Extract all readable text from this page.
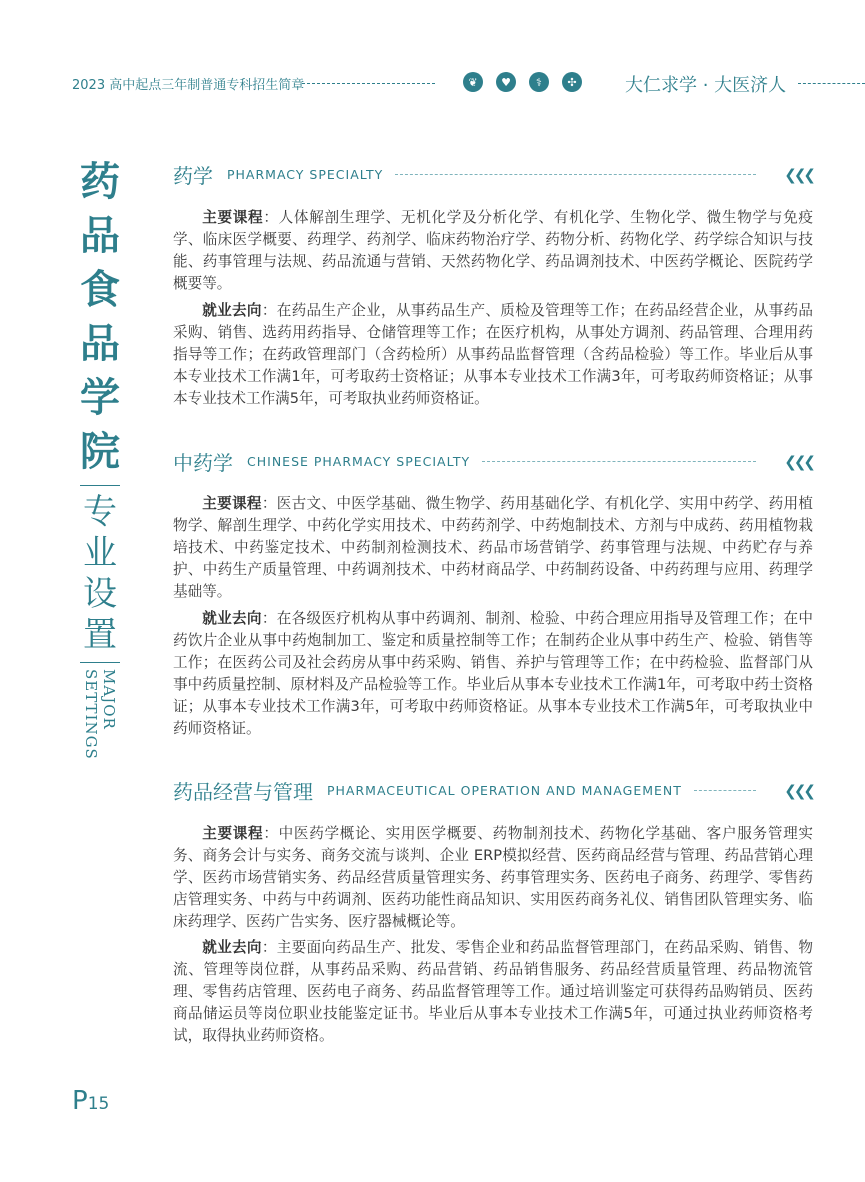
2023 高中起点三年制普通专科招生简章	❦	♥	⚕	✣	大仁求学 · 大医济人
药
品
食
品
学
院
专
业
设
置
MAJOR
SETTINGS
药学 PHARMACY SPECIALTY	❮❮❮

主要课程：人体解剖生理学、无机化学及分析化学、有机化学、生物化学、微生物学与免疫学、临床医学概要、药理学、药剂学、临床药物治疗学、药物分析、药物化学、药学综合知识与技能、药事管理与法规、药品流通与营销、天然药物化学、药品调剂技术、中医药学概论、医院药学概要等。

就业去向：在药品生产企业，从事药品生产、质检及管理等工作；在药品经营企业，从事药品采购、销售、选药用药指导、仓储管理等工作；在医疗机构，从事处方调剂、药品管理、合理用药指导等工作；在药政管理部门（含药检所）从事药品监督管理（含药品检验）等工作。毕业后从事本专业技术工作满1年，可考取药士资格证；从事本专业技术工作满3年，可考取药师资格证；从事本专业技术工作满5年，可考取执业药师资格证。

中药学 CHINESE PHARMACY SPECIALTY	❮❮❮

主要课程：医古文、中医学基础、微生物学、药用基础化学、有机化学、实用中药学、药用植物学、解剖生理学、中药化学实用技术、中药药剂学、中药炮制技术、方剂与中成药、药用植物栽培技术、中药鉴定技术、中药制剂检测技术、药品市场营销学、药事管理与法规、中药贮存与养护、中药生产质量管理、中药调剂技术、中药材商品学、中药制药设备、中药药理与应用、药理学基础等。

就业去向：在各级医疗机构从事中药调剂、制剂、检验、中药合理应用指导及管理工作；在中药饮片企业从事中药炮制加工、鉴定和质量控制等工作；在制药企业从事中药生产、检验、销售等工作；在医药公司及社会药房从事中药采购、销售、养护与管理等工作；在中药检验、监督部门从事中药质量控制、原材料及产品检验等工作。毕业后从事本专业技术工作满1年，可考取中药士资格证；从事本专业技术工作满3年，可考取中药师资格证。从事本专业技术工作满5年，可考取执业中药师资格证。

药品经营与管理 PHARMACEUTICAL OPERATION AND MANAGEMENT	❮❮❮

主要课程：中医药学概论、实用医学概要、药物制剂技术、药物化学基础、客户服务管理实务、商务会计与实务、商务交流与谈判、企业 ERP模拟经营、医药商品经营与管理、药品营销心理学、医药市场营销实务、药品经营质量管理实务、药事管理实务、医药电子商务、药理学、零售药店管理实务、中药与中药调剂、医药功能性商品知识、实用医药商务礼仪、销售团队管理实务、临床药理学、医药广告实务、医疗器械概论等。

就业去向：主要面向药品生产、批发、零售企业和药品监督管理部门，在药品采购、销售、物流、管理等岗位群，从事药品采购、药品营销、药品销售服务、药品经营质量管理、药品物流管理、零售药店管理、医药电子商务、药品监督管理等工作。通过培训鉴定可获得药品购销员、医药商品储运员等岗位职业技能鉴定证书。毕业后从事本专业技术工作满5年，可通过执业药师资格考试，取得执业药师资格。

P15
